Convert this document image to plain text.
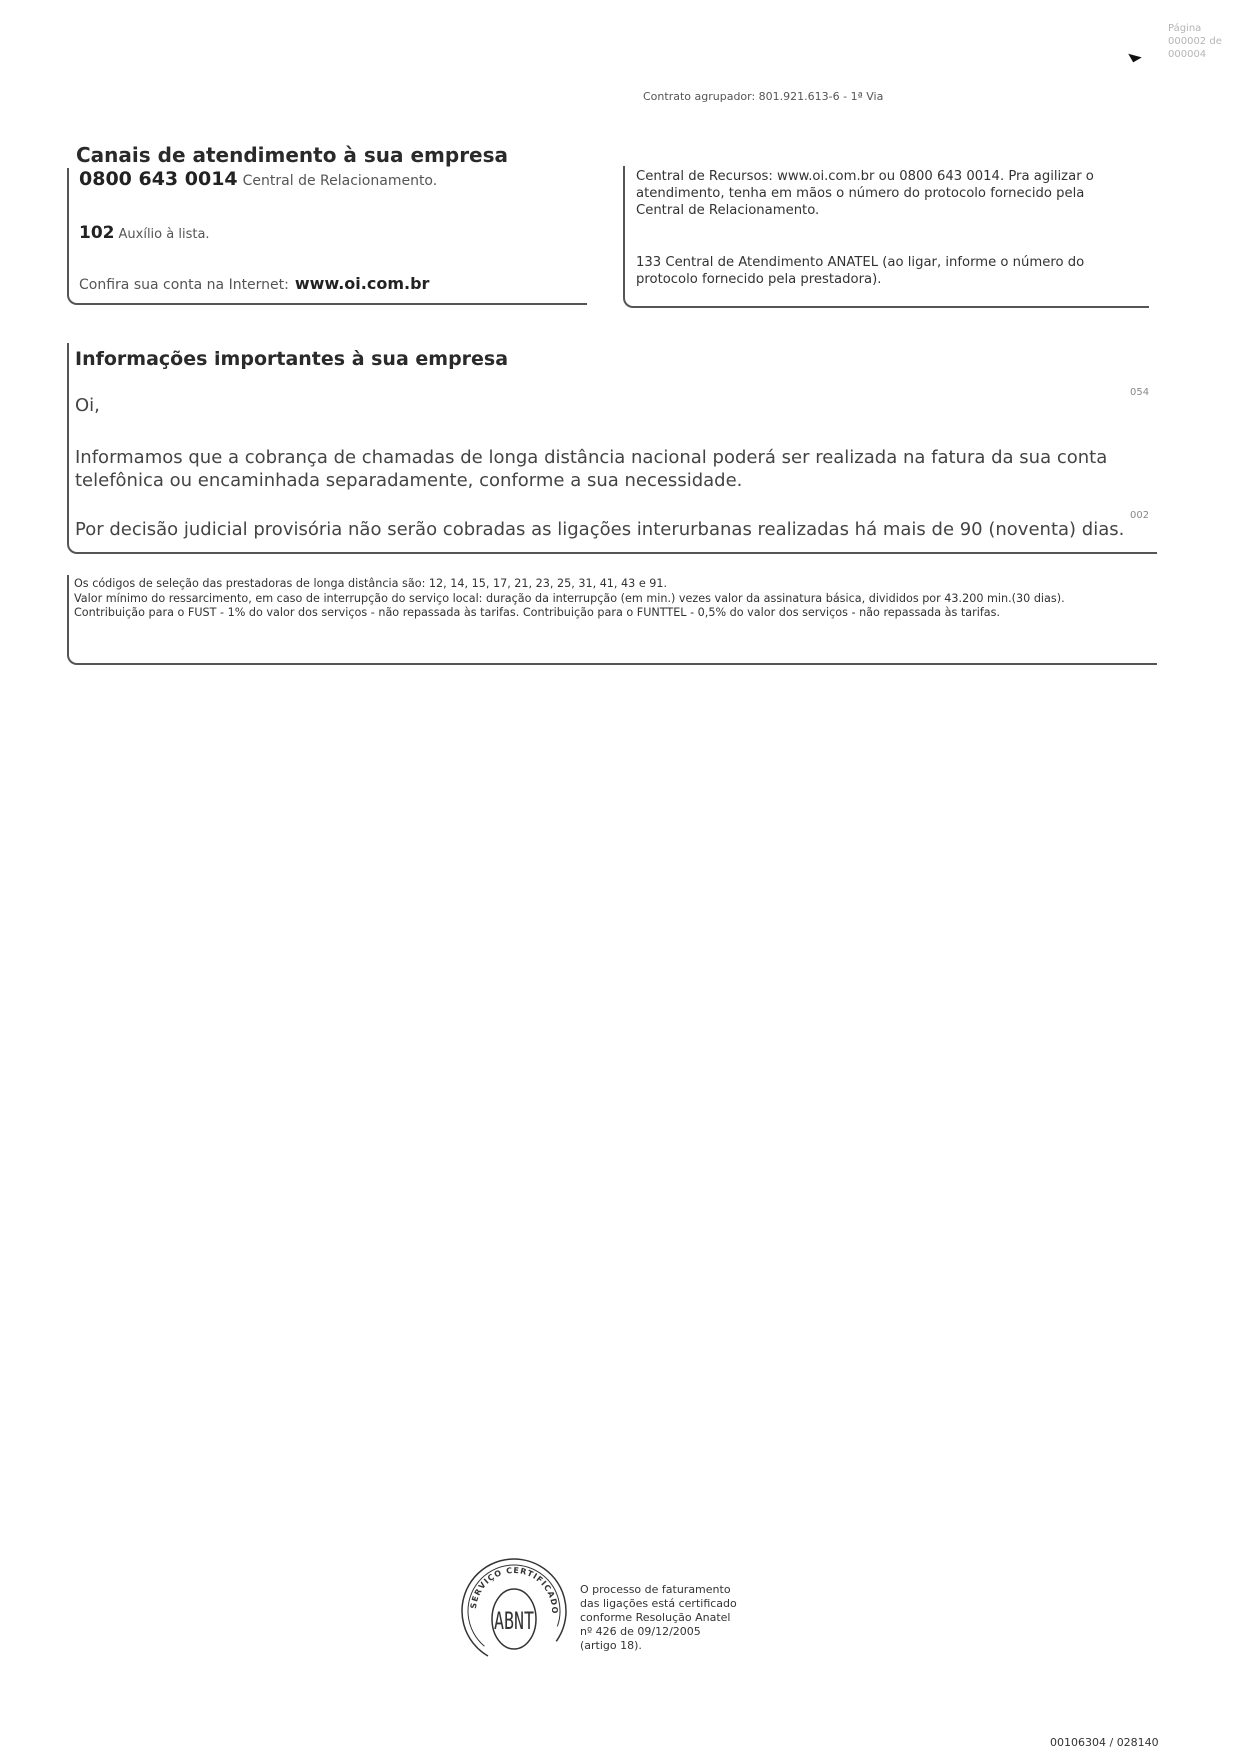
Página
000002 de
000004
◣
Contrato agrupador: 801.921.613-6 - 1ª Via
Canais de atendimento à sua empresa
0800 643 0014 Central de Relacionamento.
102 Auxílio à lista.
Confira sua conta na Internet: www.oi.com.br

Central de Recursos: www.oi.com.br ou 0800 643 0014. Pra agilizar o atendimento, tenha em mãos o número do protocolo fornecido pela Central de Relacionamento.

133 Central de Atendimento ANATEL (ao ligar, informe o número do protocolo fornecido pela prestadora).

Informações importantes à sua empresa
Oi,
Informamos que a cobrança de chamadas de longa distância nacional poderá ser realizada na fatura da sua conta telefônica ou encaminhada separadamente, conforme a sua necessidade.
Por decisão judicial provisória não serão cobradas as ligações interurbanas realizadas há mais de 90 (noventa) dias.
054
002
Os códigos de seleção das prestadoras de longa distância são: 12, 14, 15, 17, 21, 23, 25, 31, 41, 43 e 91.
Valor mínimo do ressarcimento, em caso de interrupção do serviço local: duração da interrupção (em min.) vezes valor da assinatura básica, divididos por 43.200 min.(30 dias).
Contribuição para o FUST - 1% do valor dos serviços - não repassada às tarifas. Contribuição para o FUNTTEL - 0,5% do valor dos serviços - não repassada às tarifas.
SERVIÇO CERTIFICADO
ABNT
O processo de faturamento
das ligações está certificado
conforme Resolução Anatel
nº 426 de 09/12/2005
(artigo 18).
00106304 / 028140
